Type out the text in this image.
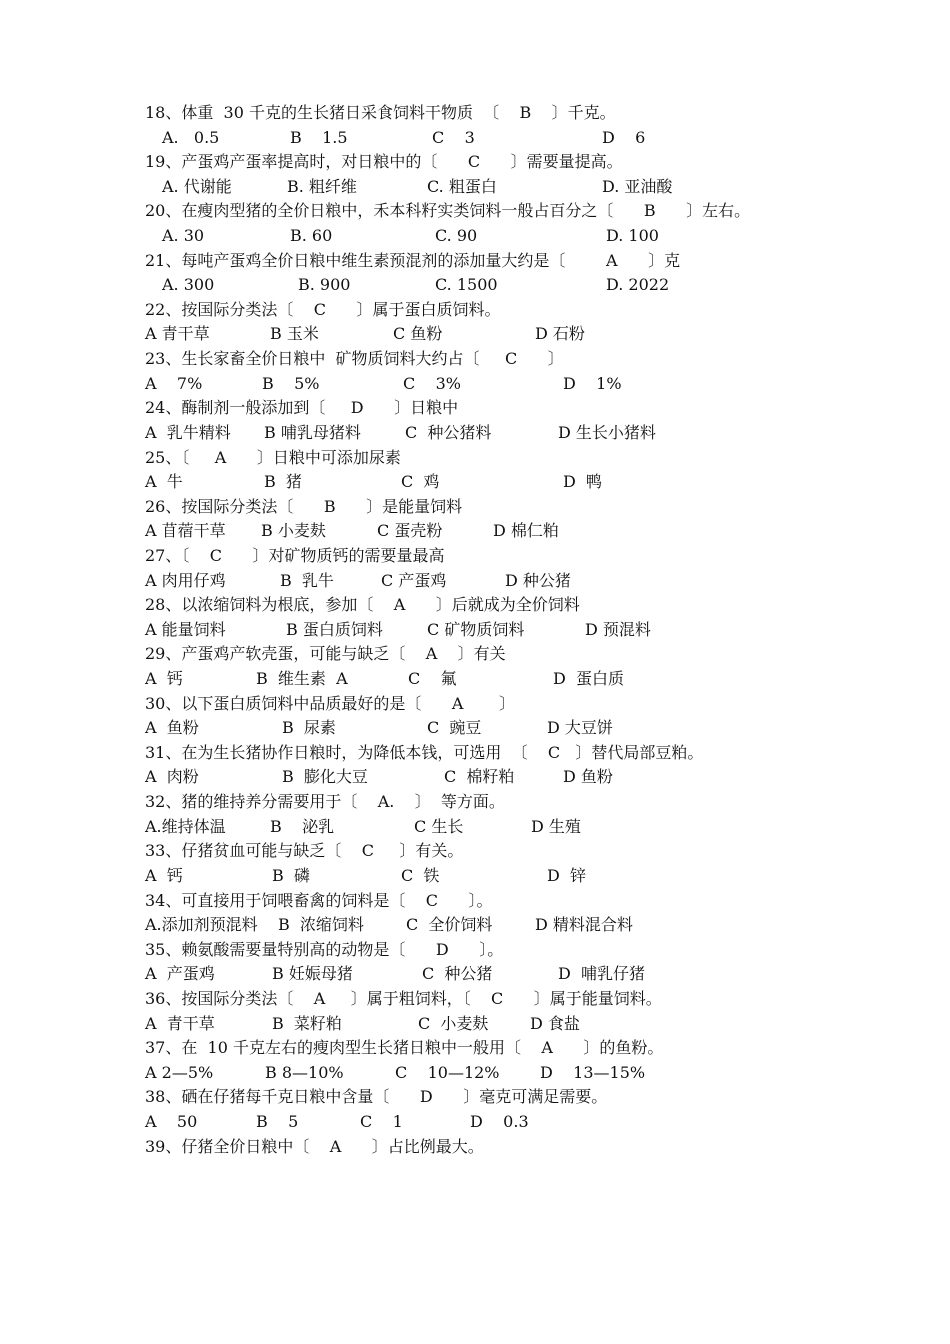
18、体重  30 千克的生长猪日采食饲料干物质  〔    B    〕千克。
A.   0.5	B    1.5	C    3	D    6
19、产蛋鸡产蛋率提高时，对日粮中的〔      C      〕需要量提高。
A. 代谢能	B. 粗纤维	C. 粗蛋白	D. 亚油酸
20、在瘦肉型猪的全价日粮中，禾本科籽实类饲料一般占百分之〔      B      〕左右。
A. 30	B. 60	C. 90	D. 100
21、每吨产蛋鸡全价日粮中维生素预混剂的添加量大约是〔        A      〕克
A. 300	B. 900	C. 1500	D. 2022
22、按国际分类法〔    C      〕属于蛋白质饲料。
A 青干草	B 玉米	C 鱼粉	D 石粉
23、生长家畜全价日粮中  矿物质饲料大约占〔     C      〕
A    7%	B    5%	C    3%	D    1%
24、酶制剂一般添加到〔     D      〕日粮中
A  乳牛精料 B 哺乳母猪料	C  种公猪料	D 生长小猪料
25、〔     A      〕日粮中可添加尿素
A  牛	B  猪	C  鸡	D  鸭
26、按国际分类法〔      B      〕是能量饲料
A 苜蓿干草 B 小麦麸	C 蛋壳粉	D 棉仁粕
27、〔    C      〕对矿物质钙的需要量最高
A 肉用仔鸡	B  乳牛	C 产蛋鸡	D 种公猪
28、以浓缩饲料为根底，参加〔    A      〕后就成为全价饲料
A 能量饲料	B 蛋白质饲料	C 矿物质饲料	D 预混料
29、产蛋鸡产软壳蛋，可能与缺乏〔    A    〕有关
A  钙	B  维生素  A	C    氟	D  蛋白质
30、以下蛋白质饲料中品质最好的是〔      A       〕
A  鱼粉	B  尿素	C  豌豆	D 大豆饼
31、在为生长猪协作日粮时，为降低本钱，可选用  〔    C   〕替代局部豆粕。
A  肉粉	B  膨化大豆	C  棉籽粕	D 鱼粉
32、猪的维持养分需要用于〔    A.    〕  等方面。
A.维持体温	B    泌乳	C 生长	D 生殖
33、仔猪贫血可能与缺乏〔    C     〕有关。
A  钙	B  磷	C  铁	D  锌
34、可直接用于饲喂畜禽的饲料是〔    C      〕。
A.添加剂预混料 B  浓缩饲料	C  全价饲料	D 精料混合料
35、赖氨酸需要量特别高的动物是〔      D      〕。
A  产蛋鸡	B 妊娠母猪	C  种公猪	D  哺乳仔猪
36、按国际分类法〔    A     〕属于粗饲料，〔    C      〕属于能量饲料。
A  青干草	B  菜籽粕	C  小麦麸	D 食盐
37、在  10 千克左右的瘦肉型生长猪日粮中一般用〔    A      〕的鱼粉。
A 2—5%	B 8—10%	C    10—12%	D    13—15%
38、硒在仔猪每千克日粮中含量〔      D      〕毫克可满足需要。
A    50	B    5	C    1	D    0.3
39、仔猪全价日粮中〔    A      〕占比例最大。
